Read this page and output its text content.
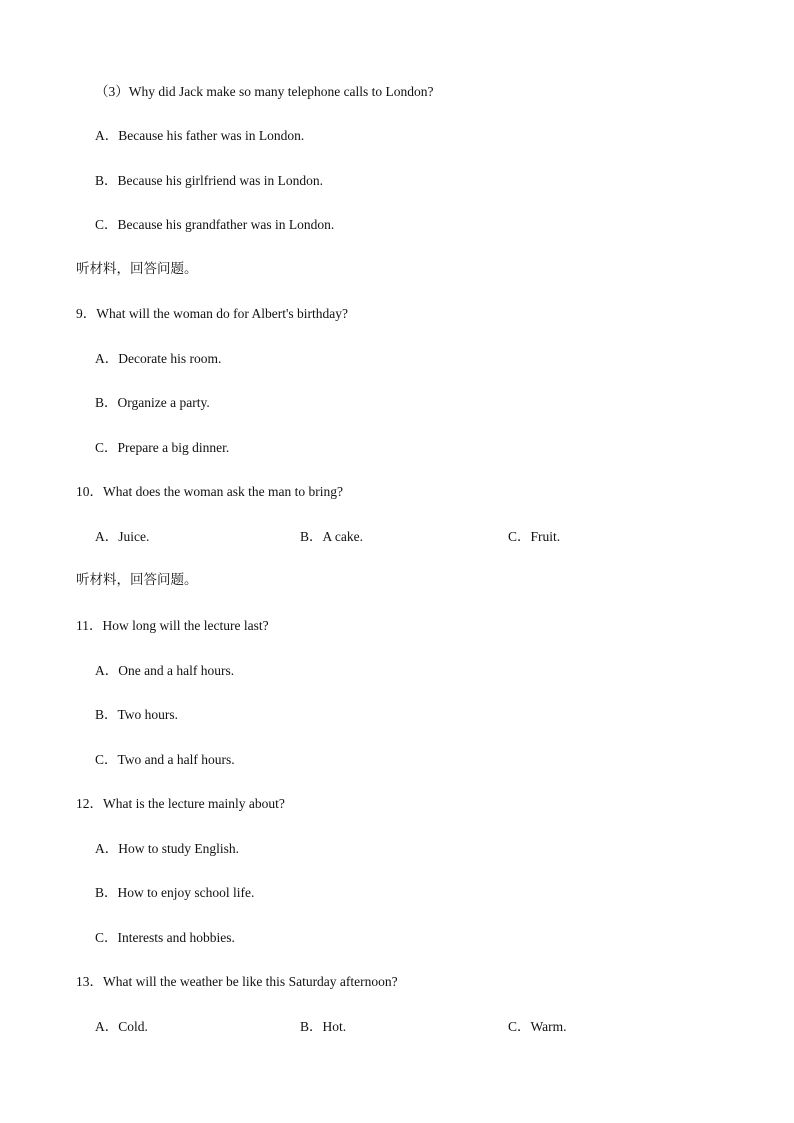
（3）Why did Jack make so many telephone calls to London?
A．Because his father was in London.
B．Because his girlfriend was in London.
C．Because his grandfather was in London.
听材料，回答问题。
9．What will the woman do for Albert's birthday?
A．Decorate his room.
B．Organize a party.
C．Prepare a big dinner.
10．What does the woman ask the man to bring?
A．Juice.	B．A cake.	C．Fruit.
听材料，回答问题。
11．How long will the lecture last?
A．One and a half hours.
B．Two hours.
C．Two and a half hours.
12．What is the lecture mainly about?
A．How to study English.
B．How to enjoy school life.
C．Interests and hobbies.
13．What will the weather be like this Saturday afternoon?
A．Cold.	B．Hot.	C．Warm.
